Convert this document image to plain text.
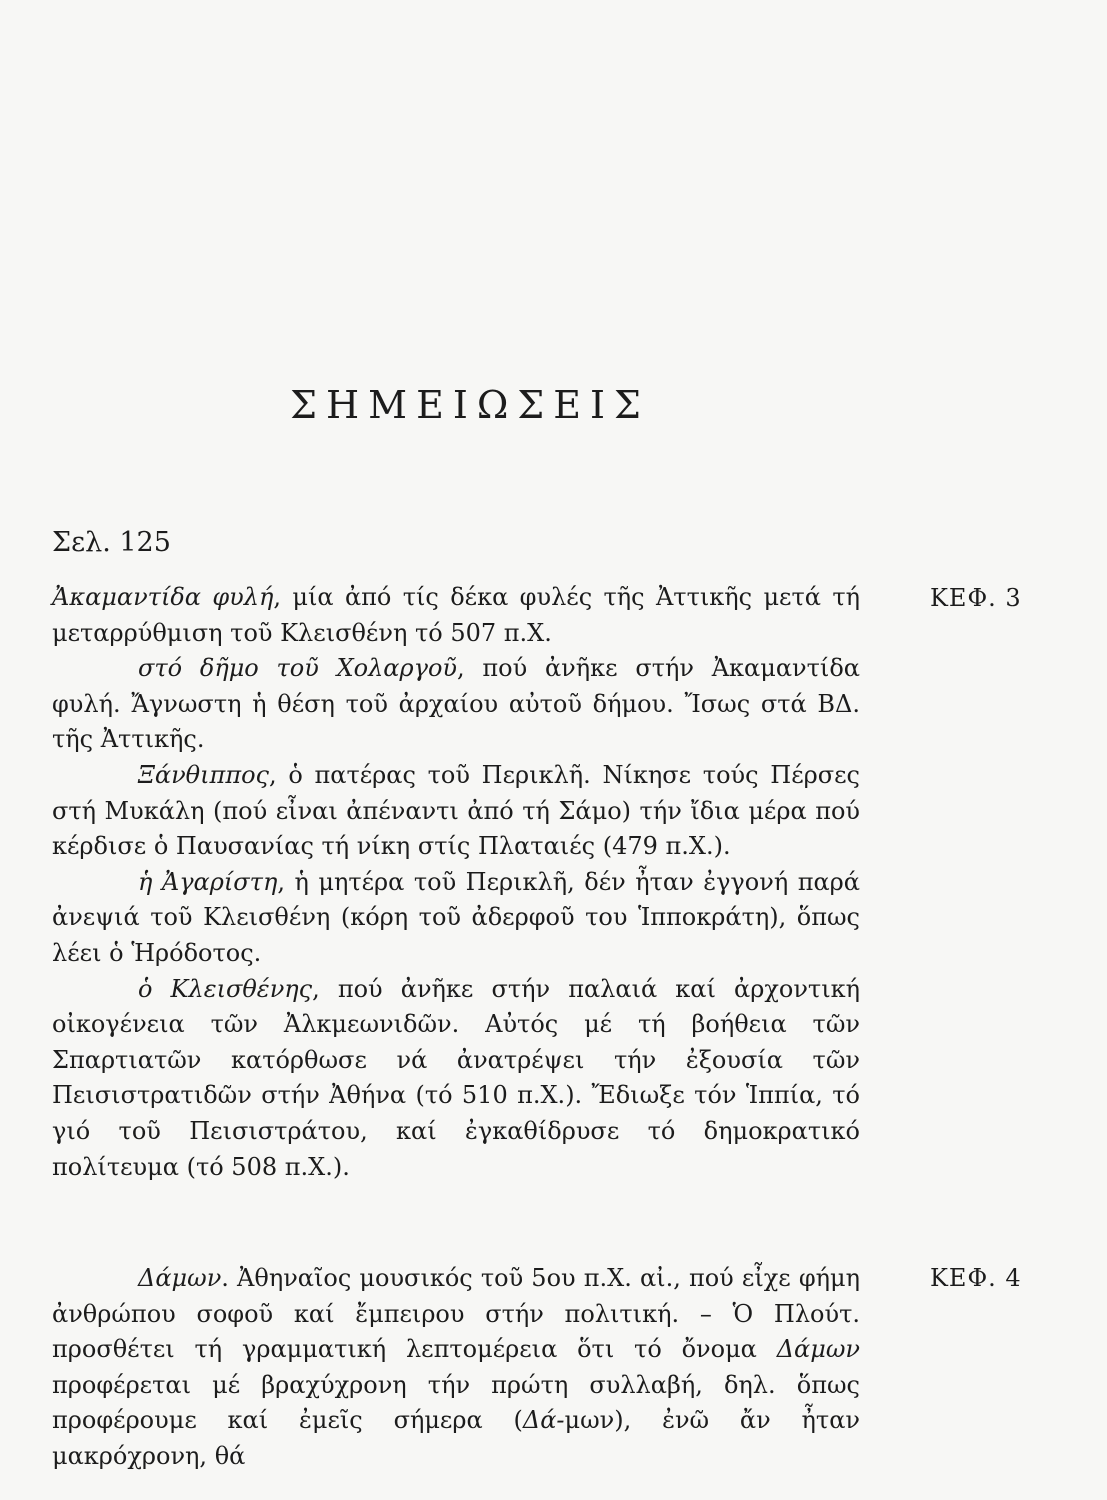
ΣΗΜΕΙΩΣΕΙΣ
Σελ. 125
ΚΕΦ. 3

Ἀκαμαντίδα φυλή, μία ἀπό τίς δέκα φυλές τῆς Ἀττικῆς μετά τή μεταρρύθμιση τοῦ Κλεισθένη τό 507 π.Χ.

στό δῆμο τοῦ Χολαργοῦ, πού ἀνῆκε στήν Ἀκαμαντίδα φυλή. Ἄγνωστη ἡ θέση τοῦ ἀρχαίου αὐτοῦ δήμου. Ἴσως στά ΒΔ. τῆς Ἀττικῆς.

Ξάνθιππος, ὁ πατέρας τοῦ Περικλῆ. Νίκησε τούς Πέρσες στή Μυκάλη (πού εἶναι ἀπέναντι ἀπό τή Σάμο) τήν ἴδια μέρα πού κέρδισε ὁ Παυσανίας τή νίκη στίς Πλαταιές (479 π.Χ.).

ἡ Ἀγαρίστη, ἡ μητέρα τοῦ Περικλῆ, δέν ἦταν ἐγγονή παρά ἀνεψιά τοῦ Κλεισθένη (κόρη τοῦ ἀδερφοῦ του Ἱπποκράτη), ὅπως λέει ὁ Ἡρόδοτος.

ὁ Κλεισθένης, πού ἀνῆκε στήν παλαιά καί ἀρχοντική οἰκογένεια τῶν Ἀλκμεωνιδῶν. Αὐτός μέ τή βοήθεια τῶν Σπαρτιατῶν κατόρθωσε νά ἀνατρέψει τήν ἐξουσία τῶν Πεισιστρατιδῶν στήν Ἀθήνα (τό 510 π.Χ.). Ἔδιωξε τόν Ἱππία, τό γιό τοῦ Πεισιστράτου, καί ἐγκαθίδρυσε τό δημοκρατικό πολίτευμα (τό 508 π.Χ.).

ΚΕΦ. 4

Δάμων. Ἀθηναῖος μουσικός τοῦ 5ου π.Χ. αἰ., πού εἶχε φήμη ἀνθρώπου σοφοῦ καί ἔμπειρου στήν πολιτική. – Ὁ Πλούτ. προσθέτει τή γραμματική λεπτομέρεια ὅτι τό ὄνομα Δάμων προφέρεται μέ βραχύχρονη τήν πρώτη συλλαβή, δηλ. ὅπως προφέρουμε καί ἐμεῖς σήμερα (Δά-μων), ἐνῶ ἄν ἦταν μακρόχρονη, θά
